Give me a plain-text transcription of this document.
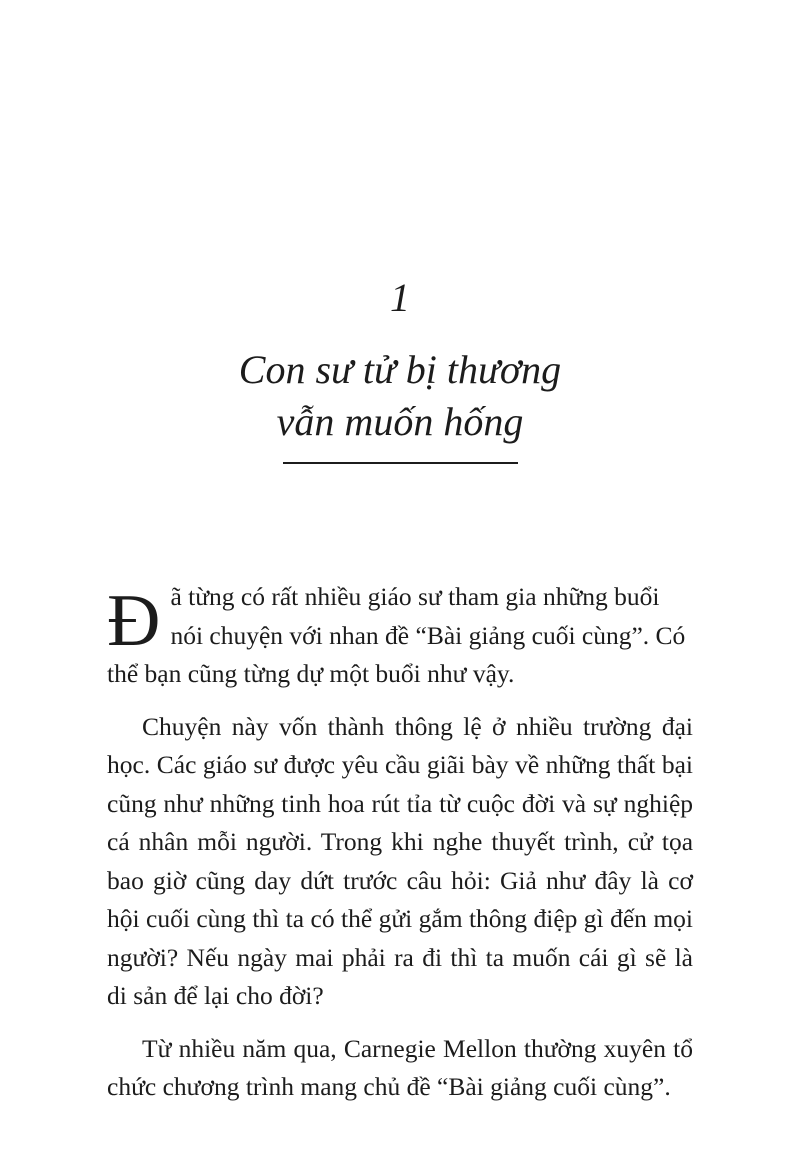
1
Con sư tử bị thương
vẫn muốn hống

Đ ã từng có rất nhiều giáo sư tham gia những buổi
nói chuyện với nhan đề “Bài giảng cuối cùng”. Có
thể bạn cũng từng dự một buổi như vậy.

Chuyện này vốn thành thông lệ ở nhiều trường đại học. Các giáo sư được yêu cầu giãi bày về những thất bại cũng như những tinh hoa rút tỉa từ cuộc đời và sự nghiệp cá nhân mỗi người. Trong khi nghe thuyết trình, cử tọa bao giờ cũng day dứt trước câu hỏi: Giả như đây là cơ hội cuối cùng thì ta có thể gửi gắm thông điệp gì đến mọi người? Nếu ngày mai phải ra đi thì ta muốn cái gì sẽ là di sản để lại cho đời?

Từ nhiều năm qua, Carnegie Mellon thường xuyên tổ chức chương trình mang chủ đề “Bài giảng cuối cùng”.
